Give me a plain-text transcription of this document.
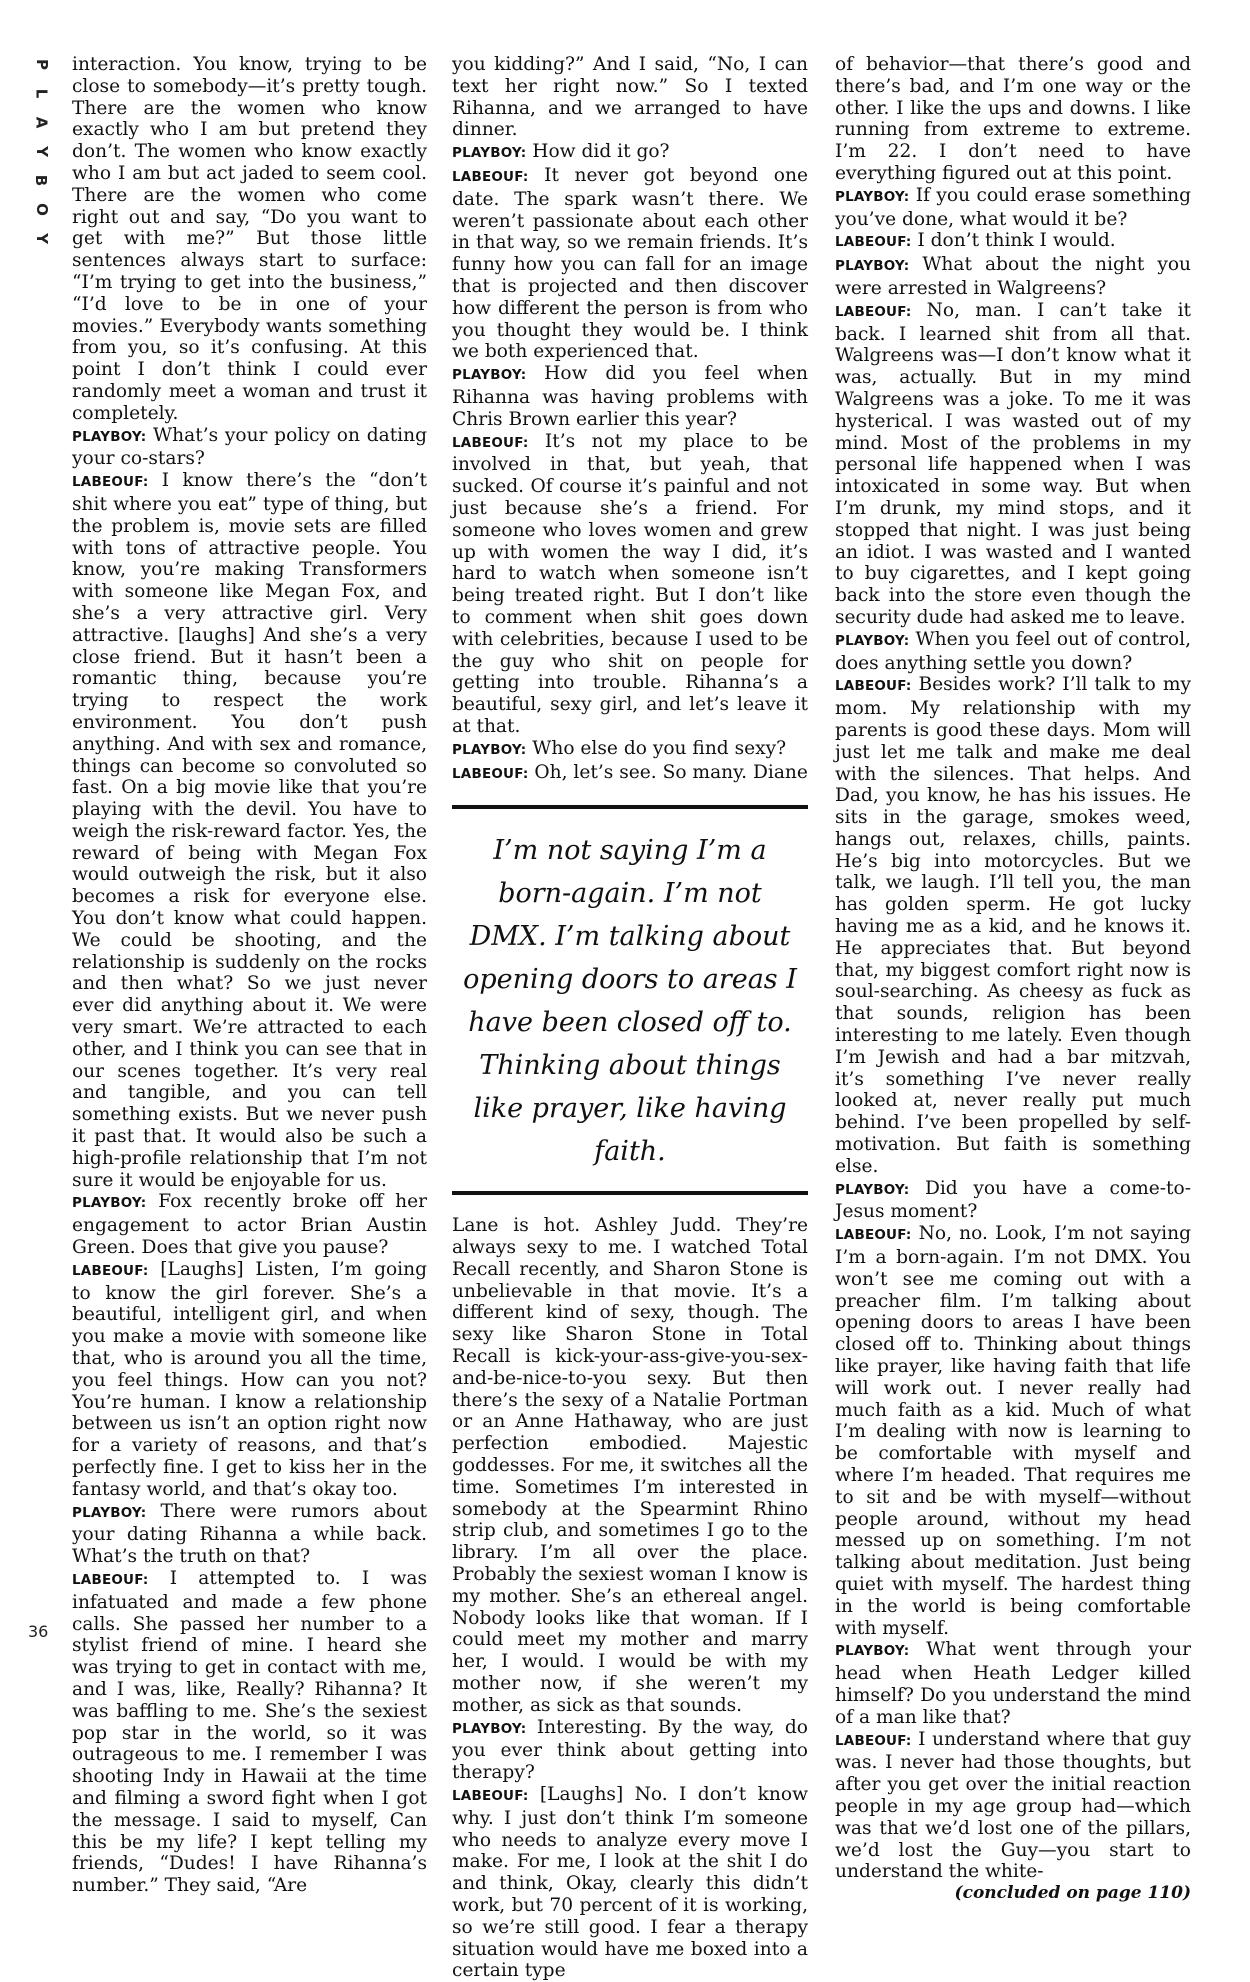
P
L
A
Y
B
O
Y

interaction. You know, trying to be close to somebody—it’s pretty tough. There are the women who know exactly who I am but pretend they don’t. The women who know exactly who I am but act jaded to seem cool. There are the women who come right out and say, “Do you want to get with me?” But those little sentences always start to surface: “I’m trying to get into the business,” “I’d love to be in one of your movies.” Everybody wants something from you, so it’s confusing. At this point I don’t think I could ever randomly meet a woman and trust it completely.

PLAYBOY: What’s your policy on dating your co-stars?

LABEOUF: I know there’s the “don’t shit where you eat” type of thing, but the problem is, movie sets are filled with tons of attractive people. You know, you’re making Transformers with someone like Megan Fox, and she’s a very attractive girl. Very attractive. [laughs] And she’s a very close friend. But it hasn’t been a romantic thing, because you’re trying to respect the work environment. You don’t push anything. And with sex and romance, things can become so convoluted so fast. On a big movie like that you’re playing with the devil. You have to weigh the risk-reward factor. Yes, the reward of being with Megan Fox would outweigh the risk, but it also becomes a risk for everyone else. You don’t know what could happen. We could be shooting, and the relationship is suddenly on the rocks and then what? So we just never ever did anything about it. We were very smart. We’re attracted to each other, and I think you can see that in our scenes together. It’s very real and tangible, and you can tell something exists. But we never push it past that. It would also be such a high-profile relationship that I’m not sure it would be enjoyable for us.

PLAYBOY: Fox recently broke off her engagement to actor Brian Austin Green. Does that give you pause?

LABEOUF: [Laughs] Listen, I’m going to know the girl forever. She’s a beautiful, intelligent girl, and when you make a movie with someone like that, who is around you all the time, you feel things. How can you not? You’re human. I know a relationship between us isn’t an option right now for a variety of reasons, and that’s perfectly fine. I get to kiss her in the fantasy world, and that’s okay too.

PLAYBOY: There were rumors about your dating Rihanna a while back. What’s the truth on that?

LABEOUF: I attempted to. I was infatuated and made a few phone calls. She passed her number to a stylist friend of mine. I heard she was trying to get in contact with me, and I was, like, Really? Rihanna? It was baffling to me. She’s the sexiest pop star in the world, so it was outrageous to me. I remember I was shooting Indy in Hawaii at the time and filming a sword fight when I got the message. I said to myself, Can this be my life? I kept telling my friends, “Dudes! I have Rihanna’s number.” They said, “Are

you kidding?” And I said, “No, I can text her right now.” So I texted Rihanna, and we arranged to have dinner.

PLAYBOY: How did it go?

LABEOUF: It never got beyond one date. The spark wasn’t there. We weren’t passionate about each other in that way, so we remain friends. It’s funny how you can fall for an image that is projected and then discover how different the person is from who you thought they would be. I think we both experienced that.

PLAYBOY: How did you feel when Rihanna was having problems with Chris Brown earlier this year?

LABEOUF: It’s not my place to be involved in that, but yeah, that sucked. Of course it’s painful and not just because she’s a friend. For someone who loves women and grew up with women the way I did, it’s hard to watch when someone isn’t being treated right. But I don’t like to comment when shit goes down with celebrities, because I used to be the guy who shit on people for getting into trouble. Rihanna’s a beautiful, sexy girl, and let’s leave it at that.

PLAYBOY: Who else do you find sexy?

LABEOUF: Oh, let’s see. So many. Diane

I’m not saying I’m a born-again. I’m not DMX. I’m talking about opening doors to areas I have been closed off to. Thinking about things like prayer, like having faith.

Lane is hot. Ashley Judd. They’re always sexy to me. I watched Total Recall recently, and Sharon Stone is unbelievable in that movie. It’s a different kind of sexy, though. The sexy like Sharon Stone in Total Recall is kick-your-ass-give-you-sex-and-be-nice-to-you sexy. But then there’s the sexy of a Natalie Portman or an Anne Hathaway, who are just perfection embodied. Majestic goddesses. For me, it switches all the time. Sometimes I’m interested in somebody at the Spearmint Rhino strip club, and sometimes I go to the library. I’m all over the place. Probably the sexiest woman I know is my mother. She’s an ethereal angel. Nobody looks like that woman. If I could meet my mother and marry her, I would. I would be with my mother now, if she weren’t my mother, as sick as that sounds.

PLAYBOY: Interesting. By the way, do you ever think about getting into therapy?

LABEOUF: [Laughs] No. I don’t know why. I just don’t think I’m someone who needs to analyze every move I make. For me, I look at the shit I do and think, Okay, clearly this didn’t work, but 70 percent of it is working, so we’re still good. I fear a therapy situation would have me boxed into a certain type

of behavior—that there’s good and there’s bad, and I’m one way or the other. I like the ups and downs. I like running from extreme to extreme. I’m 22. I don’t need to have everything figured out at this point.

PLAYBOY: If you could erase something you’ve done, what would it be?

LABEOUF: I don’t think I would.

PLAYBOY: What about the night you were arrested in Walgreens?

LABEOUF: No, man. I can’t take it back. I learned shit from all that. Walgreens was—I don’t know what it was, actually. But in my mind Walgreens was a joke. To me it was hysterical. I was wasted out of my mind. Most of the problems in my personal life happened when I was intoxicated in some way. But when I’m drunk, my mind stops, and it stopped that night. I was just being an idiot. I was wasted and I wanted to buy cigarettes, and I kept going back into the store even though the security dude had asked me to leave.

PLAYBOY: When you feel out of control, does anything settle you down?

LABEOUF: Besides work? I’ll talk to my mom. My relationship with my parents is good these days. Mom will just let me talk and make me deal with the silences. That helps. And Dad, you know, he has his issues. He sits in the garage, smokes weed, hangs out, relaxes, chills, paints. He’s big into motorcycles. But we talk, we laugh. I’ll tell you, the man has golden sperm. He got lucky having me as a kid, and he knows it. He appreciates that. But beyond that, my biggest comfort right now is soul-searching. As cheesy as fuck as that sounds, religion has been interesting to me lately. Even though I’m Jewish and had a bar mitzvah, it’s something I’ve never really looked at, never really put much behind. I’ve been propelled by self-motivation. But faith is something else.

PLAYBOY: Did you have a come-to-Jesus moment?

LABEOUF: No, no. Look, I’m not saying I’m a born-again. I’m not DMX. You won’t see me coming out with a preacher film. I’m talking about opening doors to areas I have been closed off to. Thinking about things like prayer, like having faith that life will work out. I never really had much faith as a kid. Much of what I’m dealing with now is learning to be comfortable with myself and where I’m headed. That requires me to sit and be with myself—without people around, without my head messed up on something. I’m not talking about meditation. Just being quiet with myself. The hardest thing in the world is being comfortable with myself.

PLAYBOY: What went through your head when Heath Ledger killed himself? Do you understand the mind of a man like that?

LABEOUF: I understand where that guy was. I never had those thoughts, but after you get over the initial reaction people in my age group had—which was that we’d lost one of the pillars, we’d lost the Guy—you start to understand the white-

(concluded on page 110)

36
